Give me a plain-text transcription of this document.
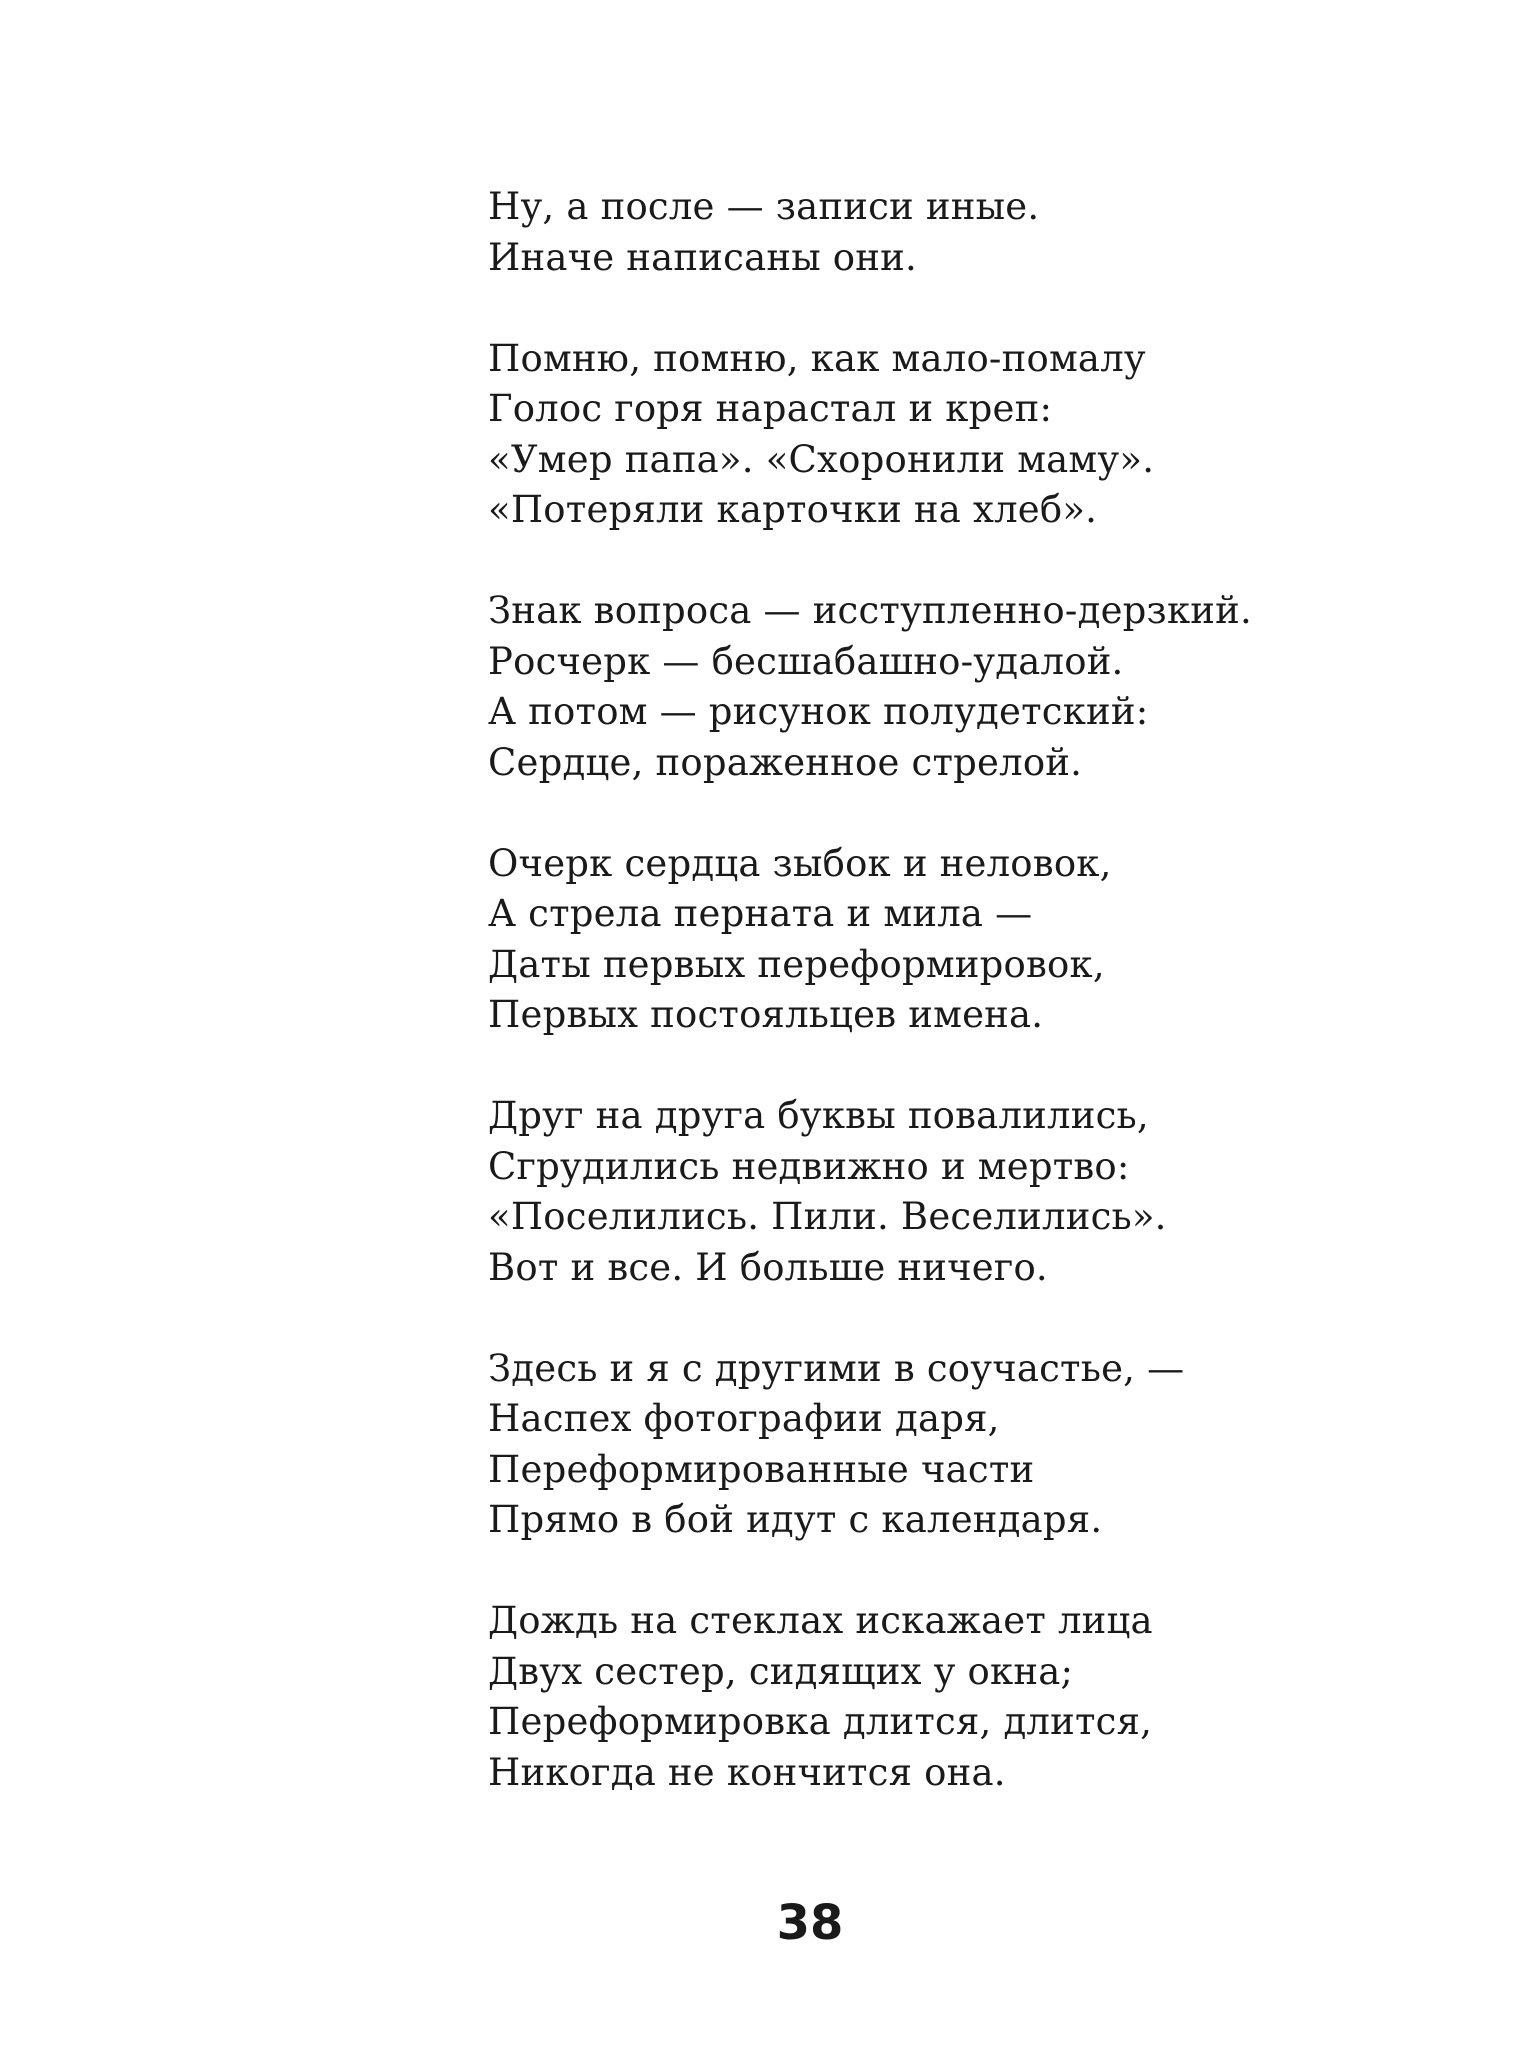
Ну, а после — записи иные.
Иначе написаны они.
Помню, помню, как мало-помалу
Голос горя нарастал и креп:
«Умер папа». «Схоронили маму».
«Потеряли карточки на хлеб».
Знак вопроса — исступленно-дерзкий.
Росчерк — бесшабашно-удалой.
А потом — рисунок полудетский:
Сердце, пораженное стрелой.
Очерк сердца зыбок и неловок,
А стрела перната и мила —
Даты первых переформировок,
Первых постояльцев имена.
Друг на друга буквы повалились,
Сгрудились недвижно и мертво:
«Поселились. Пили. Веселились».
Вот и все. И больше ничего.
Здесь и я с другими в соучастье, —
Наспех фотографии даря,
Переформированные части
Прямо в бой идут с календаря.
Дождь на стеклах искажает лица
Двух сестер, сидящих у окна;
Переформировка длится, длится,
Никогда не кончится она.
38
